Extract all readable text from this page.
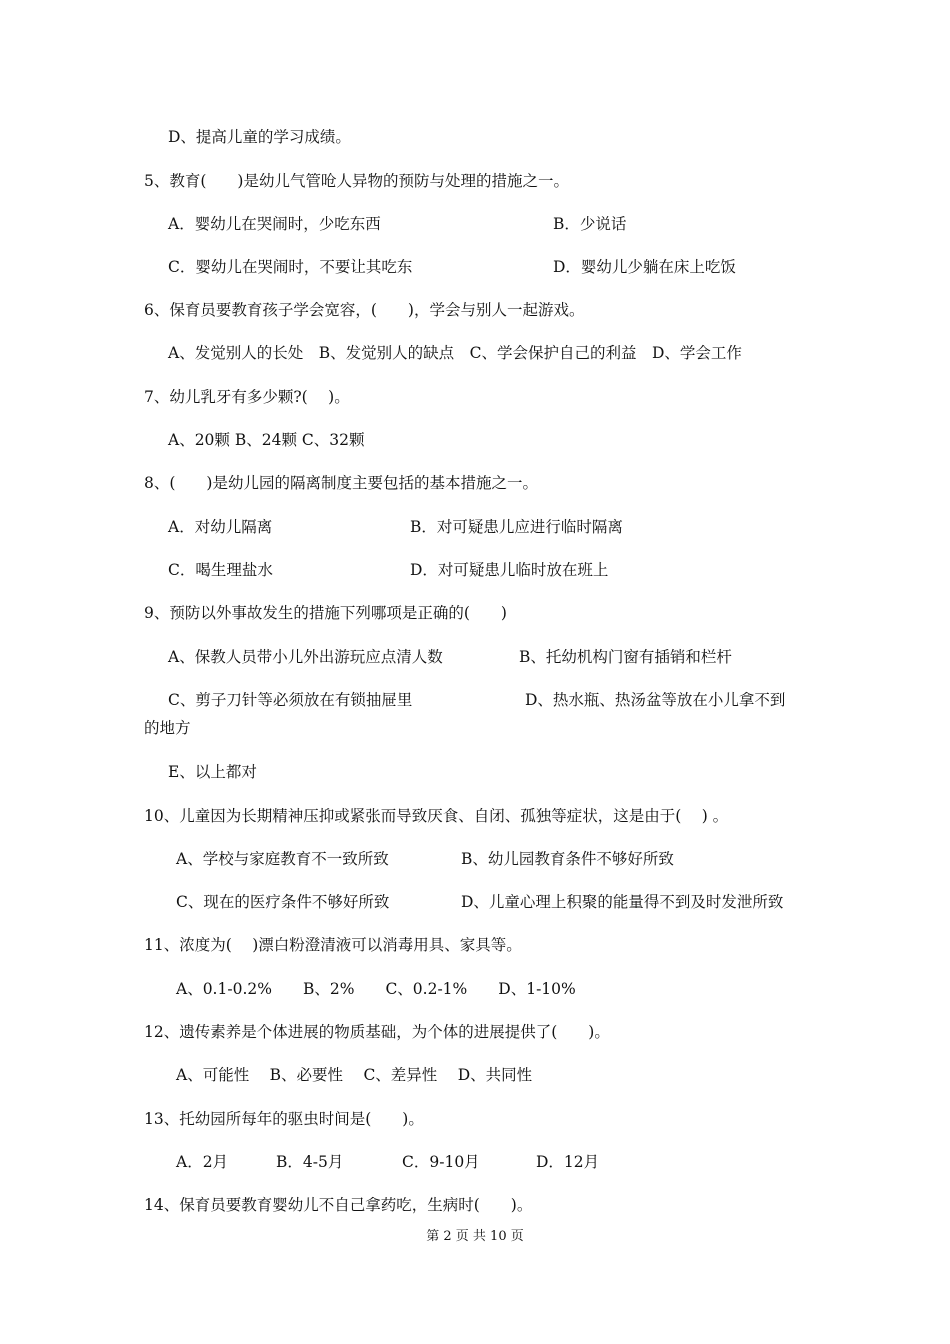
D、提高儿童的学习成绩。
5、教育(　　)是幼儿气管呛人异物的预防与处理的措施之一。
A．婴幼儿在哭闹时，少吃东西	B．少说话
C．婴幼儿在哭闹时，不要让其吃东	D．婴幼儿少躺在床上吃饭
6、保育员要教育孩子学会宽容，(　　)，学会与别人一起游戏。
A、发觉别人的长处　B、发觉别人的缺点　C、学会保护自己的利益　D、学会工作
7、幼儿乳牙有多少颗?(　 )。
A、20颗 B、24颗 C、32颗
8、(　　)是幼儿园的隔离制度主要包括的基本措施之一。
A．对幼儿隔离	B．对可疑患儿应进行临时隔离
C．喝生理盐水	D．对可疑患儿临时放在班上
9、预防以外事故发生的措施下列哪项是正确的(　　)
A、保教人员带小儿外出游玩应点清人数	B、托幼机构门窗有插销和栏杆
C、剪子刀针等必须放在有锁抽屉里	D、热水瓶、热汤盆等放在小儿拿不到
的地方
E、以上都对
10、儿童因为长期精神压抑或紧张而导致厌食、自闭、孤独等症状，这是由于(　 ) 。
A、学校与家庭教育不一致所致	B、幼儿园教育条件不够好所致
C、现在的医疗条件不够好所致	D、儿童心理上积聚的能量得不到及时发泄所致
11、浓度为(　 )漂白粉澄清液可以消毒用具、家具等。
A、0.1-0.2%　　B、2%　　C、0.2-1%　　D、1-10%
12、遗传素养是个体进展的物质基础，为个体的进展提供了(　　)。
A、可能性　 B、必要性　 C、差异性　 D、共同性
13、托幼园所每年的驱虫时间是(　　)。
A．2月	B．4-5月	C．9-10月	D．12月
14、保育员要教育婴幼儿不自己拿药吃，生病时(　　)。
第 2 页 共 10 页
